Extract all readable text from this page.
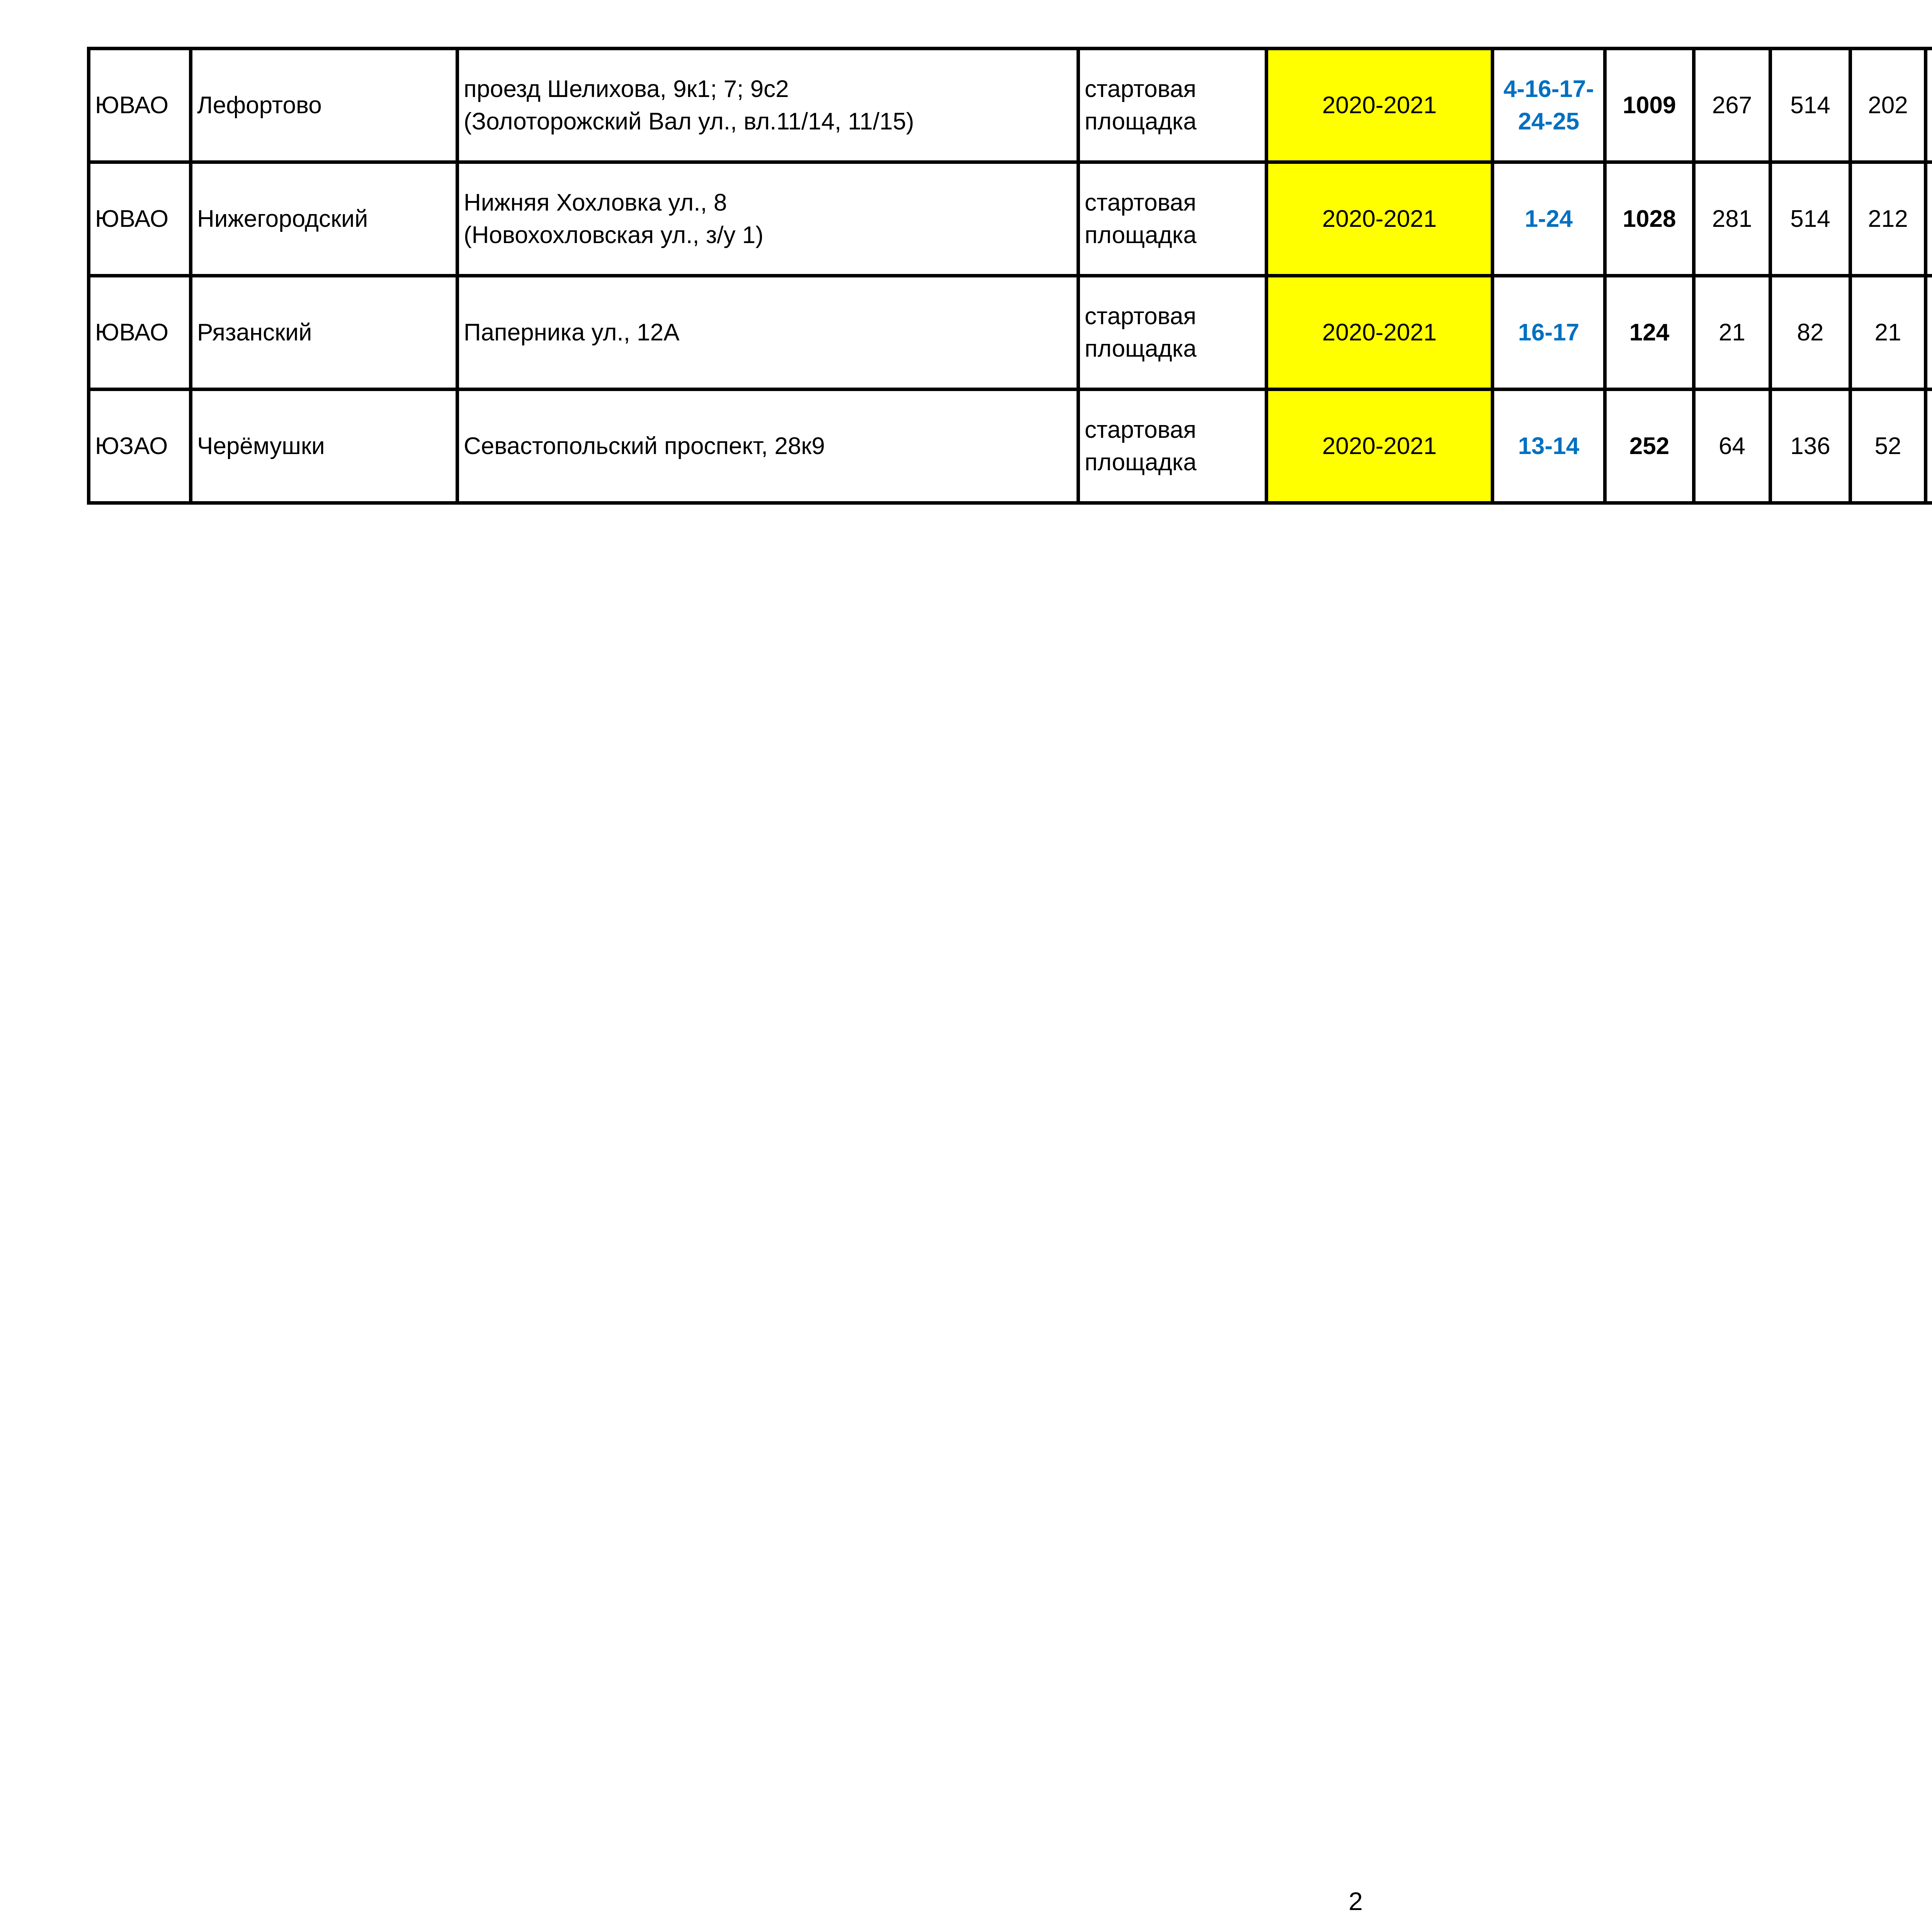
ЮВАО	Лефортово	проезд Шелихова, 9к1; 7; 9с2
(Золоторожский Вал ул., вл.11/14, 11/15)	стартовая
площадка	2020-2021	4-16-17-
24-25	1009	267	514	202	

ЮВАО	Нижегородский	Нижняя Хохловка ул., 8
(Новохохловская ул., з/у 1)	стартовая
площадка	2020-2021	1-24	1028	281	514	212	

ЮВАО	Рязанский	Паперника ул., 12А	стартовая
площадка	2020-2021	16-17	124	21	82	21					
ЮЗАО	Черёмушки	Севастопольский проспект, 28к9	стартовая
площадка	2020-2021	13-14	252	64	136	52					
2
